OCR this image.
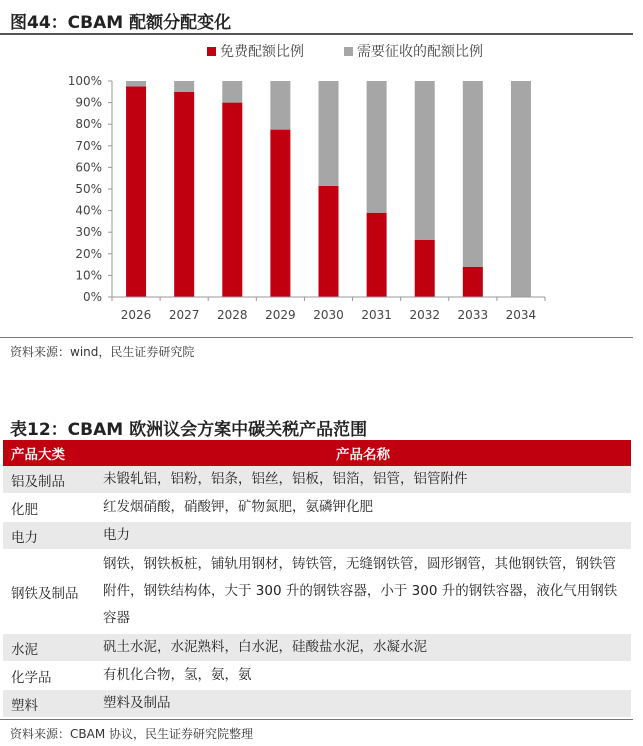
图44：CBAM 配额分配变化
免费配额比例	需要征收的配额比例
0%
10%
20%
30%
40%
50%
60%
70%
80%
90%
100%
2026 2027 2028 2029 2030 2031 2032 2033 2034
资料来源：wind，民生证券研究院
表12：CBAM 欧洲议会方案中碳关税产品范围
产品大类	产品名称
铝及制品	未锻轧铝，铝粉，铝条，铝丝，铝板，铝箔，铝管，铝管附件
化肥	红发烟硝酸，硝酸钾，矿物氮肥，氨磷钾化肥
电力	电力
钢铁及制品	钢铁，钢铁板桩，铺轨用钢材，铸铁管，无缝钢铁管，圆形钢管，其他钢铁管，钢铁管附件，钢铁结构体，大于 300 升的钢铁容器，小于 300 升的钢铁容器，液化气用钢铁容器
水泥	矾土水泥，水泥熟料，白水泥，硅酸盐水泥，水凝水泥
化学品	有机化合物，氢，氨，氨
塑料	塑料及制品
资料来源：CBAM 协议，民生证券研究院整理
